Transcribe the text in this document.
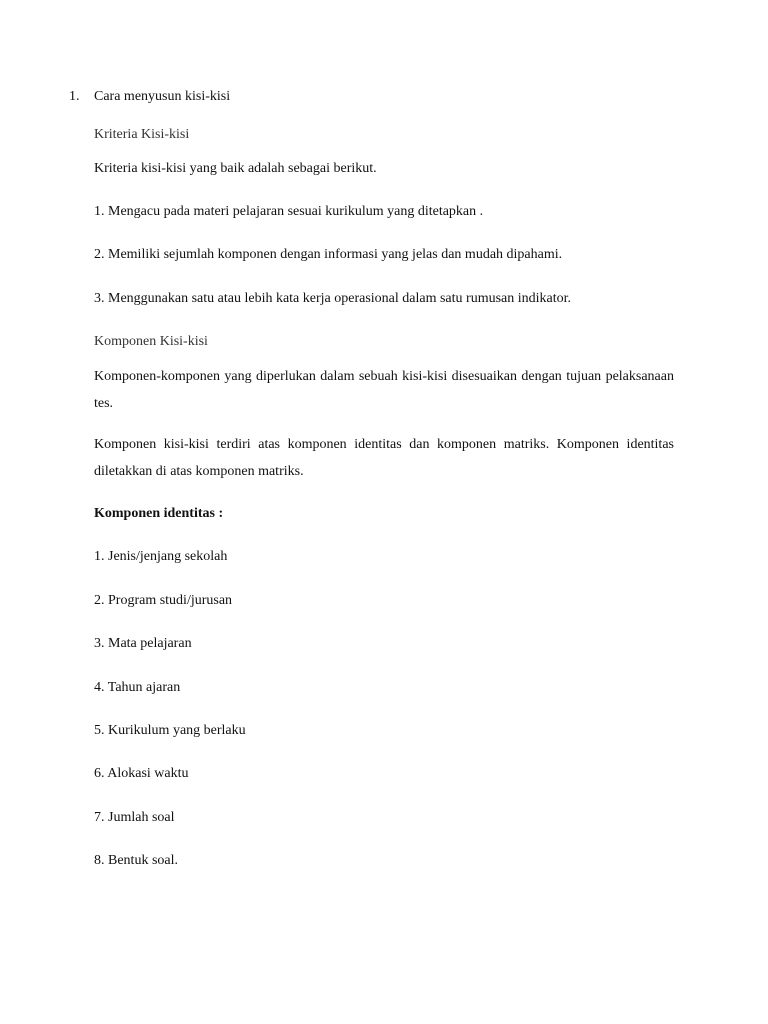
1. Cara menyusun kisi-kisi
Kriteria Kisi-kisi
Kriteria kisi-kisi yang baik adalah sebagai berikut.
1. Mengacu pada materi pelajaran sesuai kurikulum yang ditetapkan .
2. Memiliki sejumlah komponen dengan informasi yang jelas dan mudah dipahami.
3. Menggunakan satu atau lebih kata kerja operasional dalam satu rumusan indikator.
Komponen Kisi-kisi

Komponen-komponen yang diperlukan dalam sebuah kisi-kisi disesuaikan dengan tujuan pelaksanaan tes.

Komponen kisi-kisi terdiri atas komponen identitas dan komponen matriks. Komponen identitas diletakkan di atas komponen matriks.

Komponen identitas :
1. Jenis/jenjang sekolah
2. Program studi/jurusan
3. Mata pelajaran
4. Tahun ajaran
5. Kurikulum yang berlaku
6. Alokasi waktu
7. Jumlah soal
8. Bentuk soal.
